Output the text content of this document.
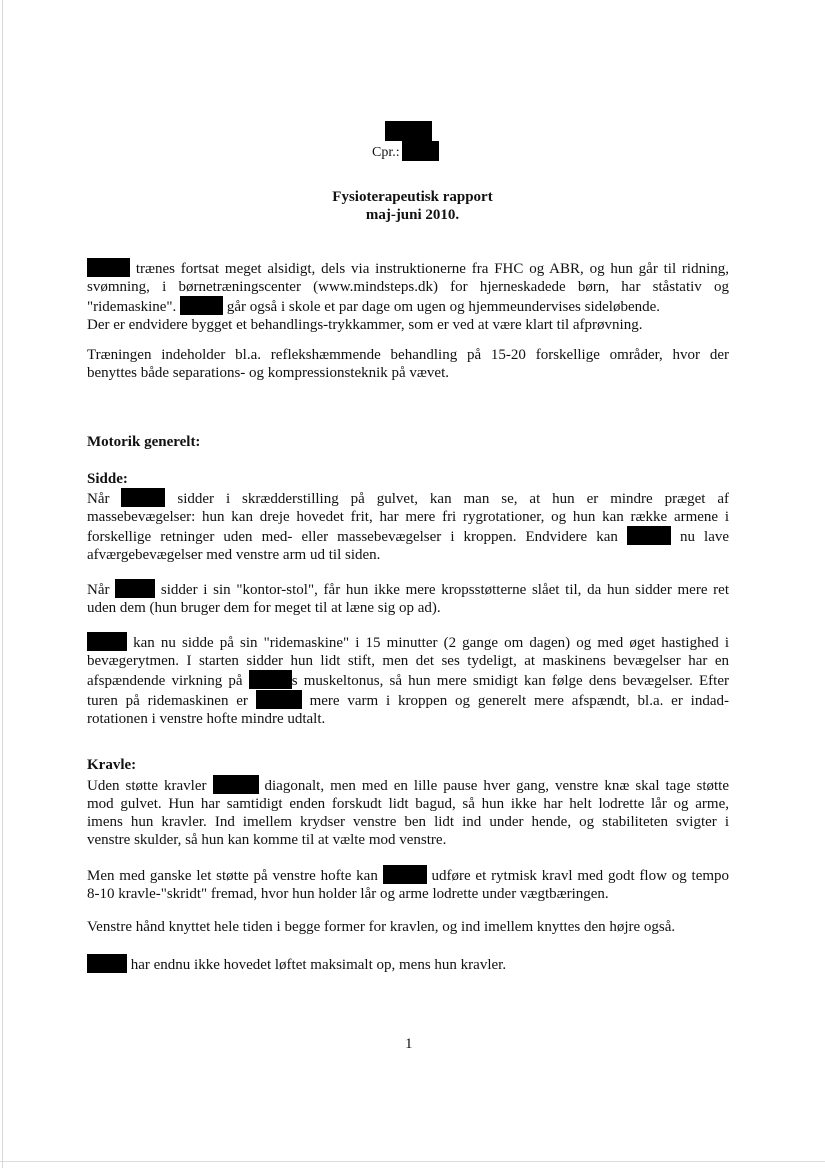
Cpr.:
Fysioterapeutisk rapport
maj-juni 2010.
trænes fortsat meget alsidigt, dels via instruktionerne fra FHC og ABR, og hun går til ridning,
svømning, i børnetræningscenter (www.mindsteps.dk) for hjerneskadede børn, har ståstativ og
"ridemaskine".	går også i skole et par dage om ugen og hjemmeundervises sideløbende.
Der er endvidere bygget et behandlings-trykkammer, som er ved at være klart til afprøvning.
Træningen indeholder bl.a. reflekshæmmende behandling på 15-20 forskellige områder, hvor der
benyttes både separations- og kompressionsteknik på vævet.
Motorik generelt:
Sidde:
Når	sidder i skrædderstilling på gulvet, kan man se, at hun er mindre præget af
massebevægelser: hun kan dreje hovedet frit, har mere fri rygrotationer, og hun kan række armene i
forskellige retninger uden med- eller massebevægelser i kroppen. Endvidere kan	nu lave
afværgebevægelser med venstre arm ud til siden.
Når	sidder i sin "kontor-stol", får hun ikke mere kropsstøtterne slået til, da hun sidder mere ret
uden dem (hun bruger dem for meget til at læne sig op ad).
kan nu sidde på sin "ridemaskine" i 15 minutter (2 gange om dagen) og med øget hastighed i
bevægerytmen. I starten sidder hun lidt stift, men det ses tydeligt, at maskinens bevægelser har en
afspændende virkning på	s muskeltonus, så hun mere smidigt kan følge dens bevægelser. Efter
turen på ridemaskinen er	mere varm i kroppen og generelt mere afspændt, bl.a. er indad-
rotationen i venstre hofte mindre udtalt.
Kravle:
Uden støtte kravler	diagonalt, men med en lille pause hver gang, venstre knæ skal tage støtte
mod gulvet. Hun har samtidigt enden forskudt lidt bagud, så hun ikke har helt lodrette lår og arme,
imens hun kravler. Ind imellem krydser venstre ben lidt ind under hende, og stabiliteten svigter i
venstre skulder, så hun kan komme til at vælte mod venstre.
Men med ganske let støtte på venstre hofte kan	udføre et rytmisk kravl med godt flow og tempo
8-10 kravle-"skridt" fremad, hvor hun holder lår og arme lodrette under vægtbæringen.
Venstre hånd knyttet hele tiden i begge former for kravlen, og ind imellem knyttes den højre også.
har endnu ikke hovedet løftet maksimalt op, mens hun kravler.
1
